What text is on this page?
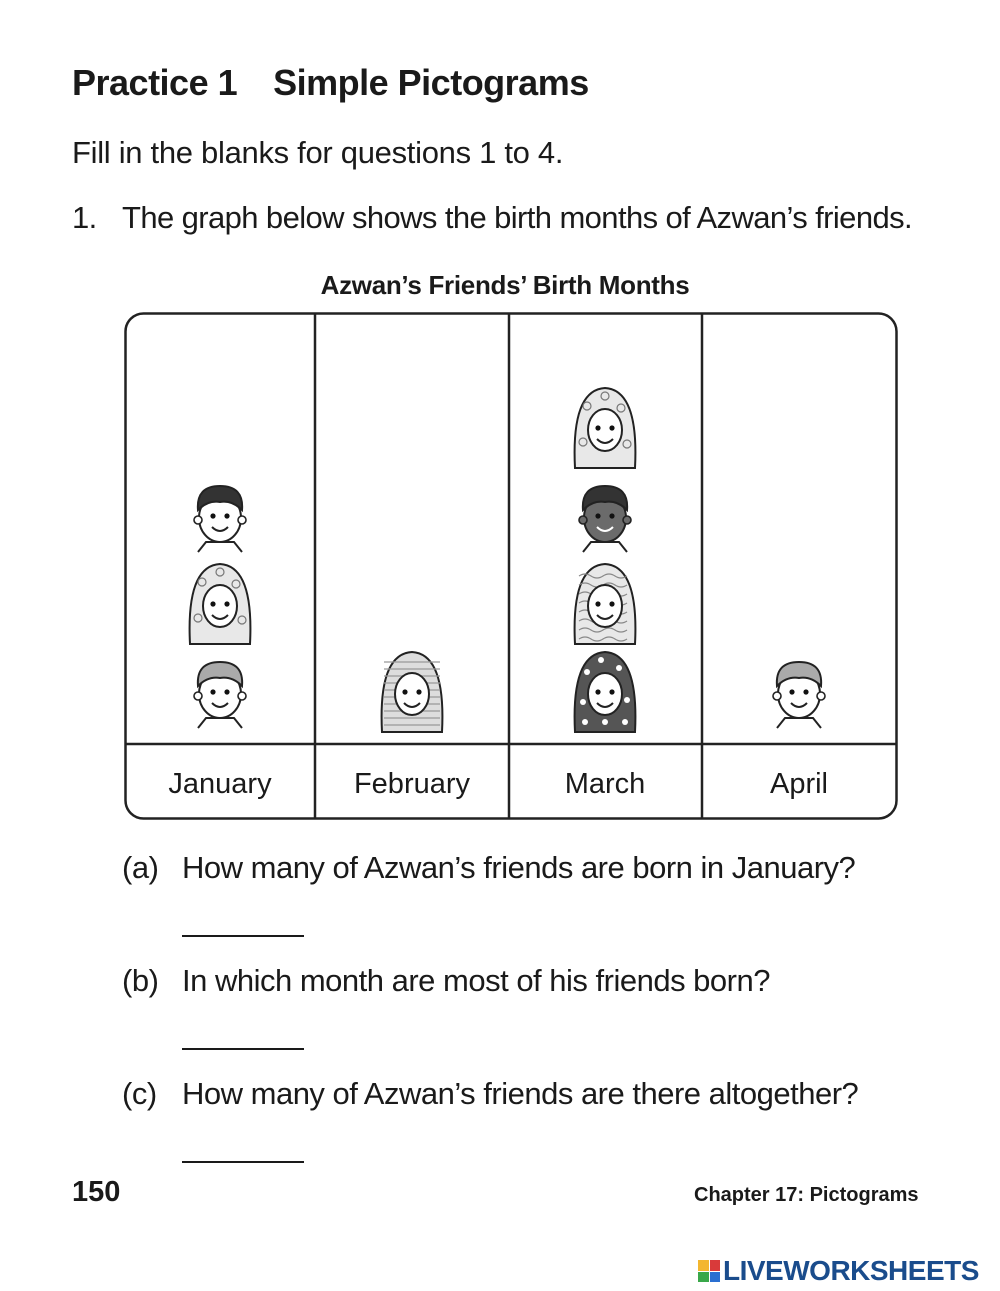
Practice 1 Simple Pictograms
Fill in the blanks for questions 1 to 4.
1. The graph below shows the birth months of Azwan’s friends.
Azwan’s Friends’ Birth Months
January	February	March	April
(a) How many of Azwan’s friends are born in January?
(b) In which month are most of his friends born?
(c) How many of Azwan’s friends are there altogether?
150	Chapter 17: Pictograms
LIVEWORKSHEETS
